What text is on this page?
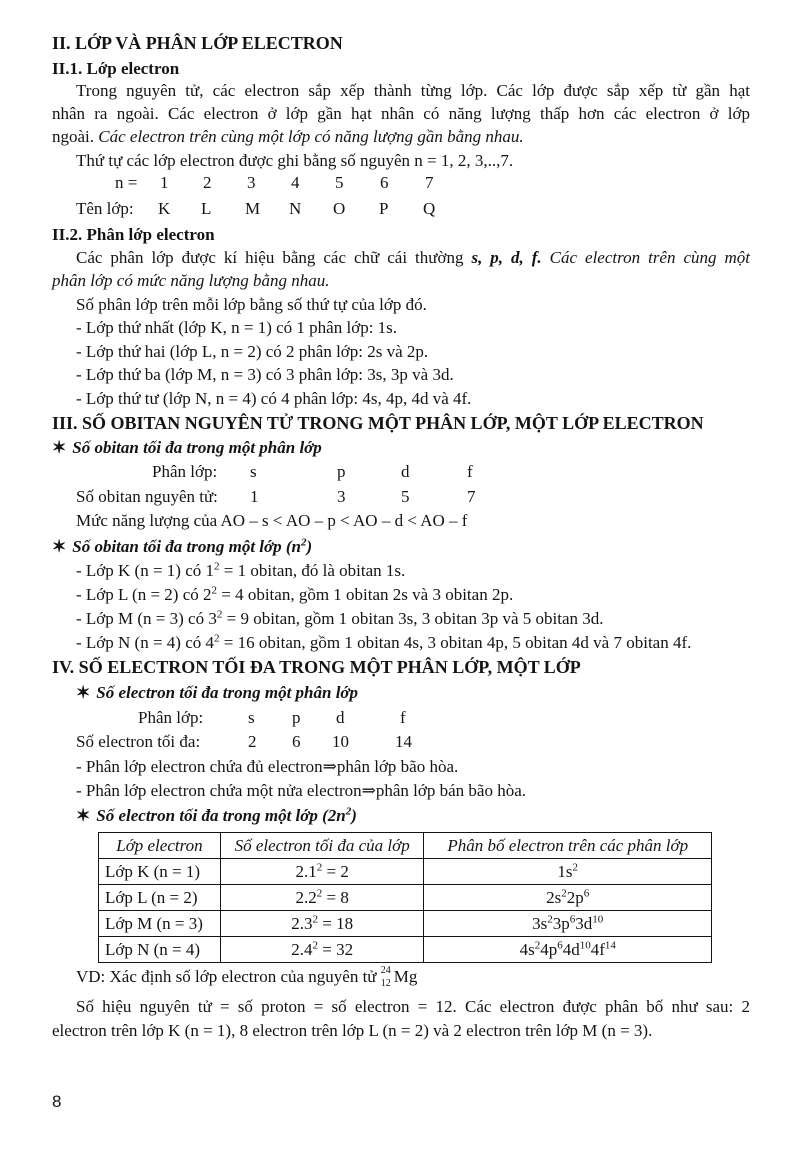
II. LỚP VÀ PHÂN LỚP ELECTRON
II.1. Lớp electron
Trong nguyên tử, các electron sắp xếp thành từng lớp. Các lớp được sắp xếp từ gần hạt
nhân ra ngoài. Các electron ở lớp gần hạt nhân có năng lượng thấp hơn các electron ở lớp
ngoài. Các electron trên cùng một lớp có năng lượng gần bằng nhau.
Thứ tự các lớp electron được ghi bằng số nguyên n = 1, 2, 3,..,7.
n = 1 2 3 4 5 6 7
Tên lớp: K L M N O P Q
II.2. Phân lớp electron
Các phân lớp được kí hiệu bằng các chữ cái thường s, p, d, f. Các electron trên cùng một
phân lớp có mức năng lượng bằng nhau.
Số phân lớp trên mỗi lớp bằng số thứ tự của lớp đó.
- Lớp thứ nhất (lớp K, n = 1) có 1 phân lớp: 1s.
- Lớp thứ hai (lớp L, n = 2) có 2 phân lớp: 2s và 2p.
- Lớp thứ ba (lớp M, n = 3) có 3 phân lớp: 3s, 3p và 3d.
- Lớp thứ tư (lớp N, n = 4) có 4 phân lớp: 4s, 4p, 4d và 4f.
III. SỐ OBITAN NGUYÊN TỬ TRONG MỘT PHÂN LỚP, MỘT LỚP ELECTRON
✶ Số obitan tối đa trong một phân lớp
Phân lớp: s	p	d	f
Số obitan nguyên tử: 1	3	5	7
Mức năng lượng của AO – s < AO – p < AO – d < AO – f
✶ Số obitan tối đa trong một lớp $(n^2)$
- Lớp K (n = 1) có $1^2 = 1$ obitan, đó là obitan 1s.
- Lớp L (n = 2) có $2^2 = 4$ obitan, gồm 1 obitan 2s và 3 obitan 2p.
- Lớp M (n = 3) có $3^2 = 9$ obitan, gồm 1 obitan 3s, 3 obitan 3p và 5 obitan 3d.
- Lớp N (n = 4) có $4^2 = 16$ obitan, gồm 1 obitan 4s, 3 obitan 4p, 5 obitan 4d và 7 obitan 4f.
IV. SỐ ELECTRON TỐI ĐA TRONG MỘT PHÂN LỚP, MỘT LỚP
✶ Số electron tối đa trong một phân lớp
Phân lớp:	s p d	f
Số electron tối đa:	2 6 10	14
- Phân lớp electron chứa đủ electron⇒phân lớp bão hòa.
- Phân lớp electron chứa một nửa electron⇒phân lớp bán bão hòa.
✶ Số electron tối đa trong một lớp $(2n^2)$
Lớp electron	Số electron tối đa của lớp	Phân bố electron trên các phân lớp
Lớp K (n = 1)	$2.1^2 = 2$	$1s^2$
Lớp L (n = 2)	$2.2^2 = 8$	$2s^22p^6$
Lớp M (n = 3)	$2.3^2 = 18$	$3s^23p^63d^{10}$
Lớp N (n = 4)	$2.4^2 = 32$	$4s^24p^64d^{10}4f^{14}$
VD: Xác định số lớp electron của nguyên tử 24
12 Mg
Số hiệu nguyên tử = số proton = số electron = 12. Các electron được phân bố như sau: 2
electron trên lớp K (n = 1), 8 electron trên lớp L (n = 2) và 2 electron trên lớp M (n = 3).
8
